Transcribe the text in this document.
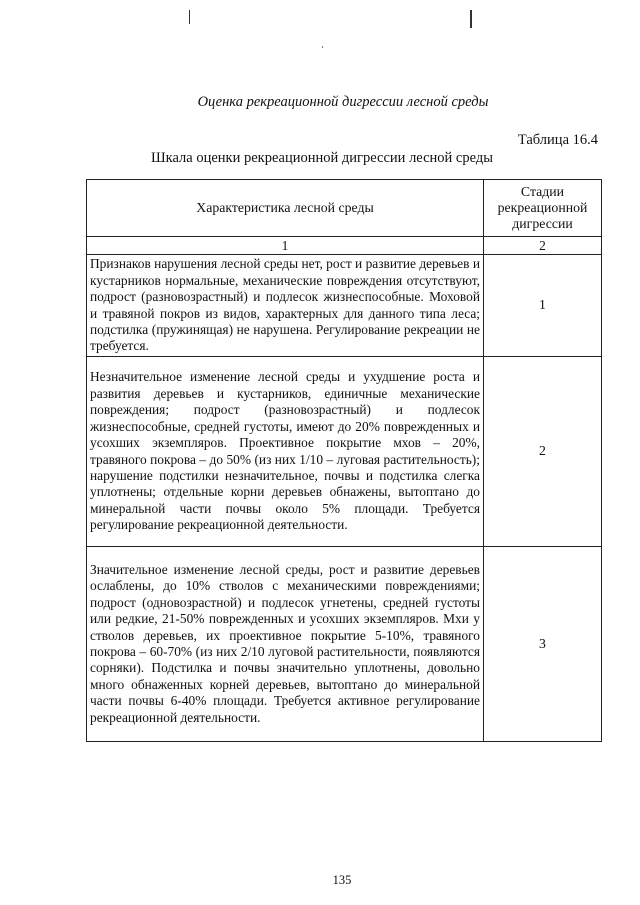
Оценка рекреационной дигрессии лесной среды
Таблица 16.4
Шкала оценки рекреационной дигрессии лесной среды
Характеристика лесной среды	Стадии рекреационной дигрессии
1	2
Признаков нарушения лесной среды нет, рост и развитие деревьев и кустарников нормальные, механические повреждения отсутствуют, подрост (разновозрастный) и подлесок жизнеспособные. Моховой и травяной покров из видов, характерных для данного типа леса; подстилка (пружинящая) не нарушена. Регулирование рекреации не требуется.	1
Незначительное изменение лесной среды и ухудшение роста и развития деревьев и кустарников, единичные механические повреждения; подрост (разновозрастный) и подлесок жизнеспособные, средней густоты, имеют до 20% поврежденных и усохших экземпляров. Проективное покрытие мхов – 20%, травяного покрова – до 50% (из них 1/10 – луговая растительность); нарушение подстилки незначительное, почвы и подстилка слегка уплотнены; отдельные корни деревьев обнажены, вытоптано до минеральной части почвы около 5% площади. Требуется регулирование рекреационной деятельности.	2
Значительное изменение лесной среды, рост и развитие деревьев ослаблены, до 10% стволов с механическими повреждениями; подрост (одновозрастной) и подлесок угнетены, средней густоты или редкие, 21-50% поврежденных и усохших экземпляров. Мхи у стволов деревьев, их проективное покрытие 5-10%, травяного покрова – 60-70% (из них 2/10 луговой растительности, появляются сорняки). Подстилка и почвы значительно уплотнены, довольно много обнаженных корней деревьев, вытоптано до минеральной части почвы 6-40% площади. Требуется активное регулирование рекреационной деятельности.	3
135
